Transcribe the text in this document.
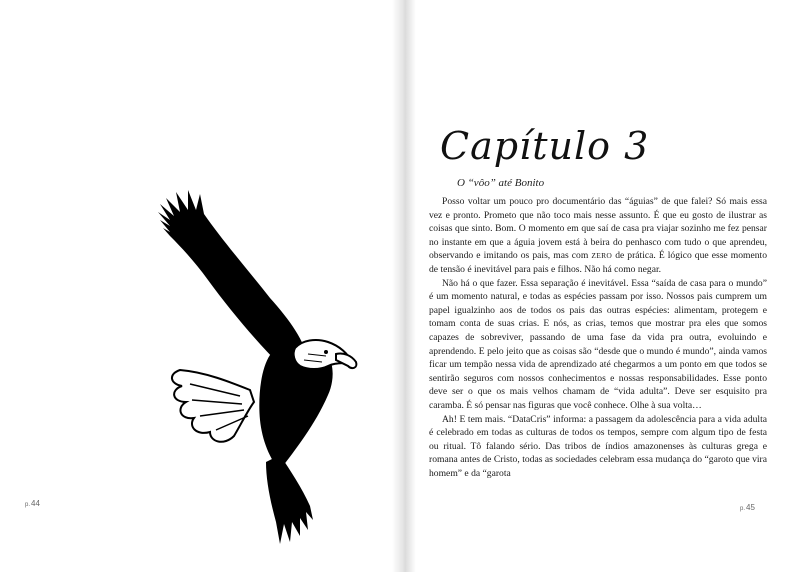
p.44
Capítulo 3

O “vôo” até Bonito

Posso voltar um pouco pro documentário das “águias” de que falei? Só mais essa vez e pronto. Prometo que não toco mais nesse assunto. É que eu gosto de ilustrar as coisas que sinto. Bom. O momento em que saí de casa pra viajar sozinho me fez pensar no instante em que a águia jovem está à beira do penhasco com tudo o que aprendeu, observando e imitando os pais, mas com ZERO de prática. É lógico que esse momento de tensão é inevitável para pais e filhos. Não há como negar.

Não há o que fazer. Essa separação é inevitável. Essa “saída de casa para o mundo” é um momento natural, e todas as espécies passam por isso. Nossos pais cumprem um papel igualzinho aos de todos os pais das outras espécies: alimentam, protegem e tomam conta de suas crias. E nós, as crias, temos que mostrar pra eles que somos capazes de sobreviver, passando de uma fase da vida pra outra, evoluindo e aprendendo. E pelo jeito que as coisas são “desde que o mundo é mundo”, ainda vamos ficar um tempão nessa vida de aprendizado até chegarmos a um ponto em que todos se sentirão seguros com nossos conhecimentos e nossas responsabilidades. Esse ponto deve ser o que os mais velhos chamam de “vida adulta”. Deve ser esquisito pra caramba. É só pensar nas figuras que você conhece. Olhe à sua volta…

Ah! E tem mais. “DataCris” informa: a passagem da adolescência para a vida adulta é celebrado em todas as culturas de todos os tempos, sempre com algum tipo de festa ou ritual. Tô falando sério. Das tribos de índios amazonenses às culturas grega e romana antes de Cristo, todas as sociedades celebram essa mudança do “garoto que vira homem” e da “garota

p.45
